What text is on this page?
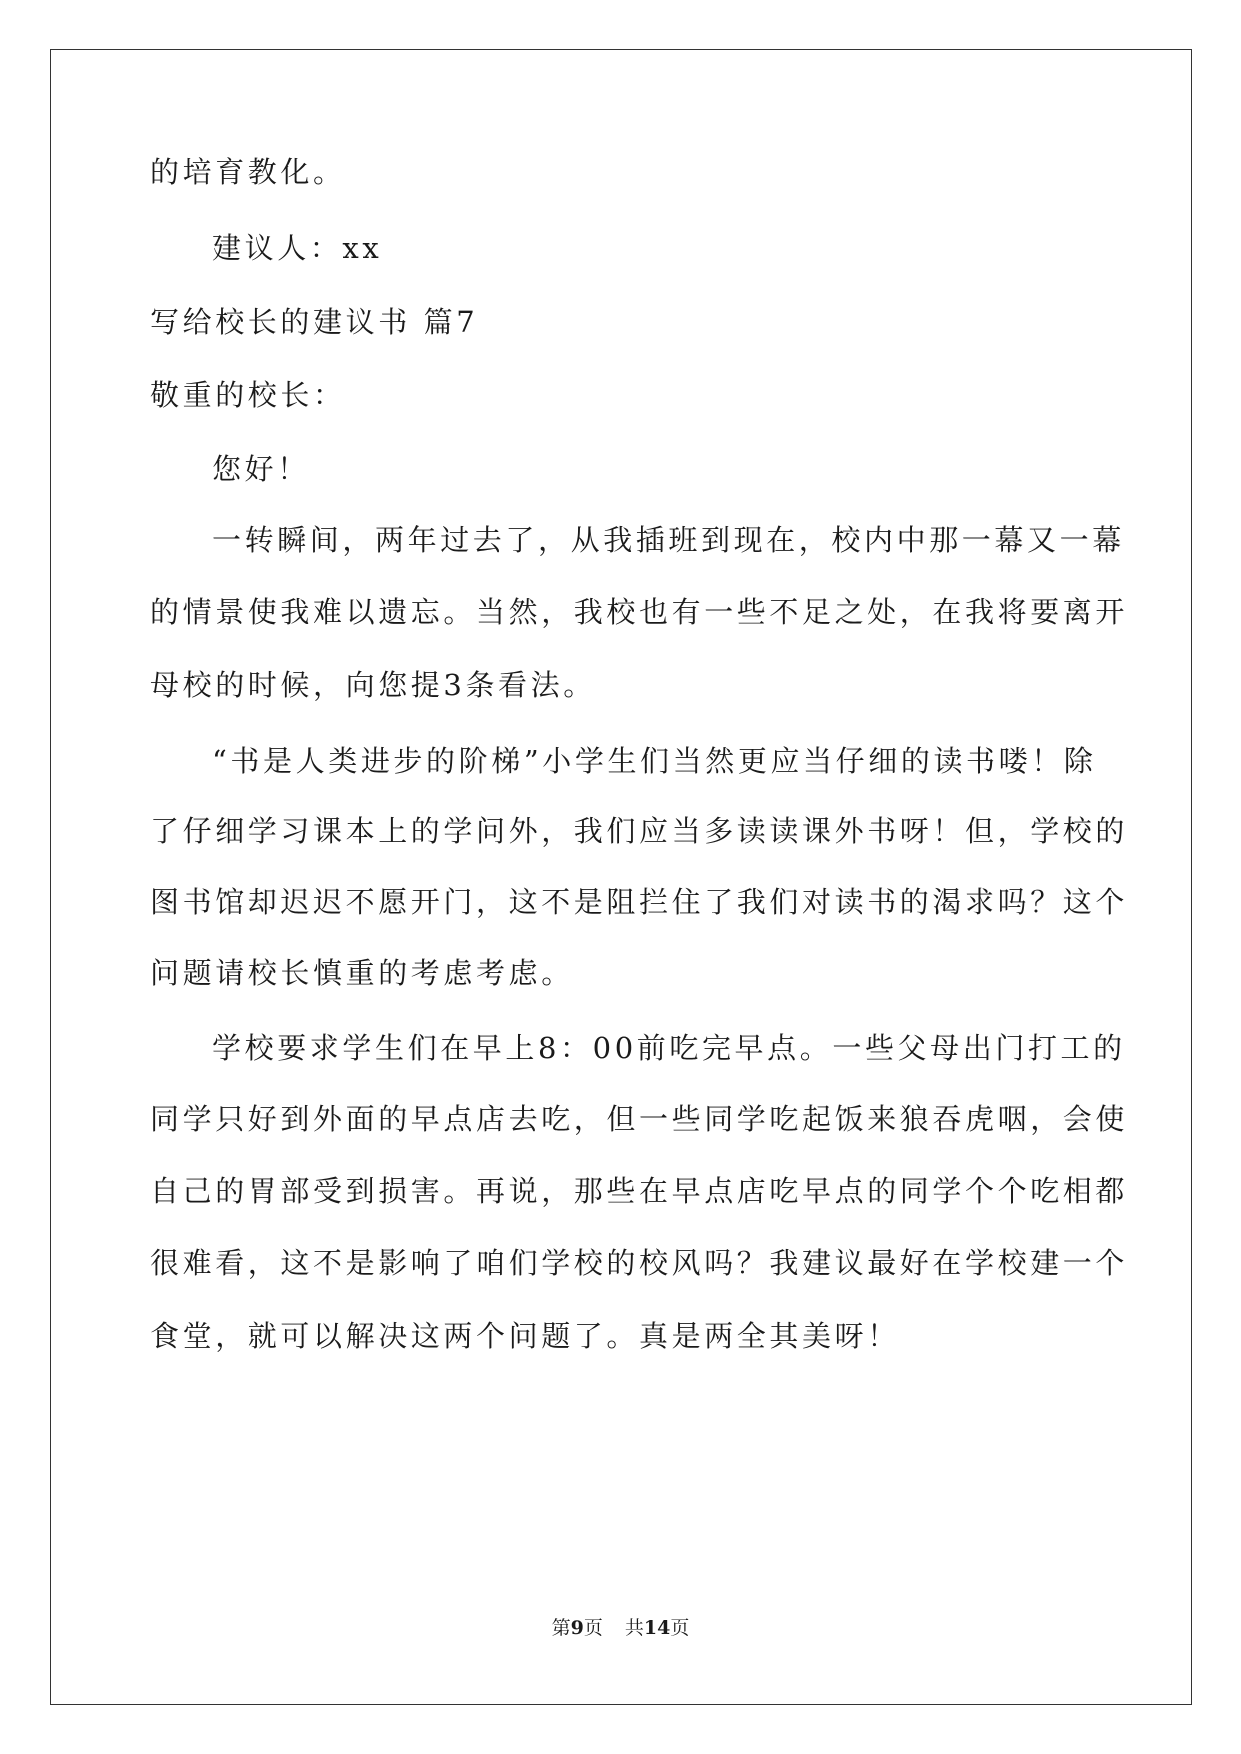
的培育教化。
建议人：xx
写给校长的建议书 篇7
敬重的校长：
您好！
一转瞬间，两年过去了，从我插班到现在，校内中那一幕又一幕
的情景使我难以遗忘。当然，我校也有一些不足之处，在我将要离开
母校的时候，向您提3条看法。
“书是人类进步的阶梯”小学生们当然更应当仔细的读书喽！除
了仔细学习课本上的学问外，我们应当多读读课外书呀！但，学校的
图书馆却迟迟不愿开门，这不是阻拦住了我们对读书的渴求吗？这个
问题请校长慎重的考虑考虑。
学校要求学生们在早上8：00前吃完早点。一些父母出门打工的
同学只好到外面的早点店去吃，但一些同学吃起饭来狼吞虎咽，会使
自己的胃部受到损害。再说，那些在早点店吃早点的同学个个吃相都
很难看，这不是影响了咱们学校的校风吗？我建议最好在学校建一个
食堂，就可以解决这两个问题了。真是两全其美呀！
第9页 共14页
